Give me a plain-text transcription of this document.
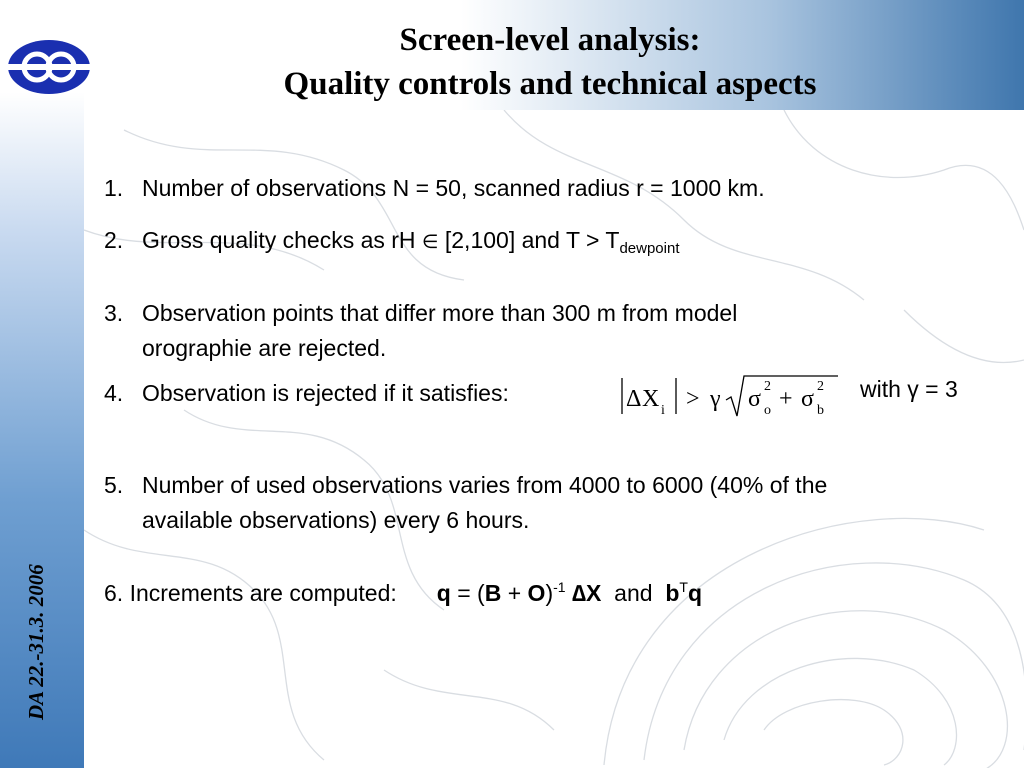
Screen-level analysis:
Quality controls and technical aspects
DA 22.-31.3. 2006
1. Number of observations N = 50, scanned radius r = 1000 km.
2. Gross quality checks as rH ∈ [2,100] and $T > T_{dewpoint}$
3. Observation points that differ more than 300 m from model
orographie are rejected.
4. Observation is rejected if it satisfies:	Δ X i > γ σ 2
o + σ 2
b
with γ = 3
5. Number of used observations varies from 4000 to 6000 (40% of the
available observations) every 6 hours.
6. Increments are computed: $q = (B + O)^{-1}$ ∆X  and  $b^Tq$
